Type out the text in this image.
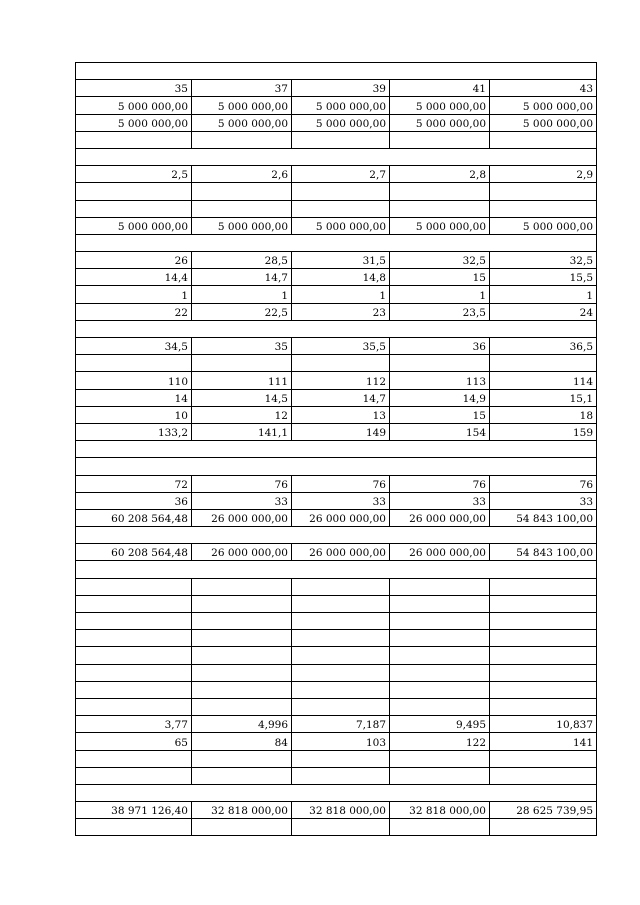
35	37	39	41	43
5 000 000,00	5 000 000,00	5 000 000,00	5 000 000,00	5 000 000,00
5 000 000,00	5 000 000,00	5 000 000,00	5 000 000,00	5 000 000,00

2,5	2,6	2,7	2,8	2,9

5 000 000,00	5 000 000,00	5 000 000,00	5 000 000,00	5 000 000,00

26	28,5	31,5	32,5	32,5
14,4	14,7	14,8	15	15,5
1	1	1	1	1
22	22,5	23	23,5	24

34,5	35	35,5	36	36,5

110	111	112	113	114
14	14,5	14,7	14,9	15,1
10	12	13	15	18
133,2	141,1	149	154	159

72	76	76	76	76
36	33	33	33	33
60 208 564,48	26 000 000,00	26 000 000,00	26 000 000,00	54 843 100,00

60 208 564,48	26 000 000,00	26 000 000,00	26 000 000,00	54 843 100,00

3,77	4,996	7,187	9,495	10,837
65	84	103	122	141

38 971 126,40	32 818 000,00	32 818 000,00	32 818 000,00	28 625 739,95
